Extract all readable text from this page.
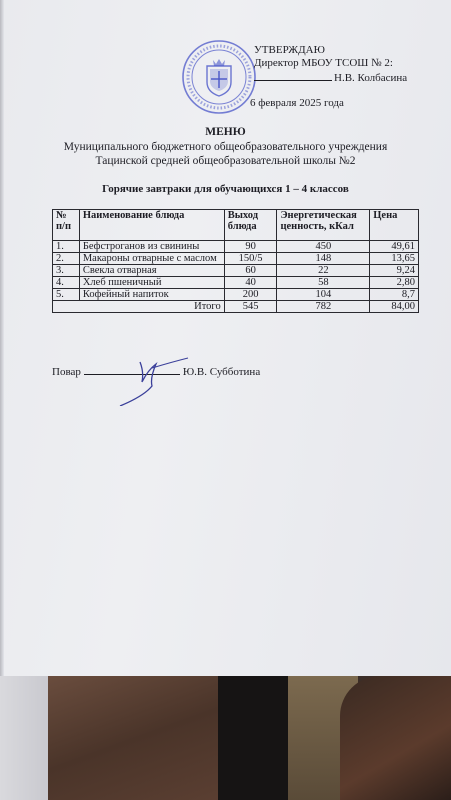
УТВЕРЖДАЮ
Директор МБОУ ТСОШ № 2:
Н.В. Колбасина
6 февраля 2025 года
МЕНЮ
Муниципального бюджетного общеобразовательного учреждения
Тацинской средней общеобразовательной школы №2
Горячие завтраки для обучающихся 1 – 4 классов
№ п/п	Наименование блюда	Выход блюда	Энергетическая ценность, кКал	Цена
1.	Бефстроганов из свинины	90	450	49,61
2.	Макароны отварные с маслом	150/5	148	13,65
3.	Свекла отварная	60	22	9,24
4.	Хлеб пшеничный	40	58	2,80
5.	Кофейный напиток	200	104	8,7
Итого		545	782	84,00
Повар	Ю.В. Субботина
